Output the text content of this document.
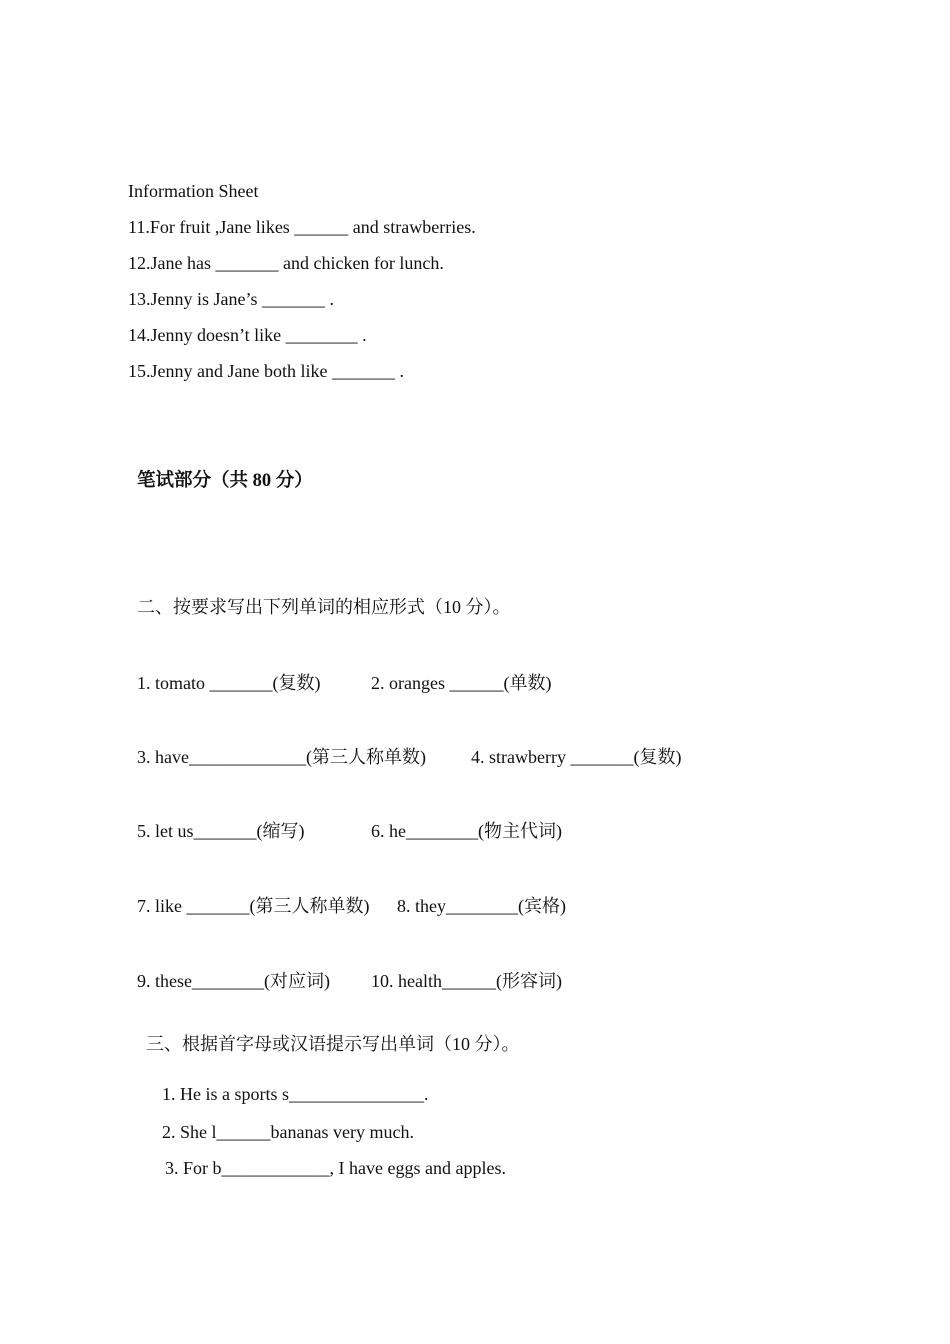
Information Sheet
11.For fruit ,Jane likes ______ and strawberries.
12.Jane has _______ and chicken for lunch.
13.Jenny is Jane’s _______ .
14.Jenny doesn’t like ________ .
15.Jenny and Jane both like _______ .
笔试部分（共 80 分）
二、按要求写出下列单词的相应形式（10 分）。
1. tomato _______(复数)	2. oranges ______(单数)
3. have_____________(第三人称单数)	4. strawberry _______(复数)
5. let us_______(缩写)	6. he________(物主代词)
7. like _______(第三人称单数) 8. they________(宾格)
9. these________(对应词) 10. health______(形容词)
三、根据首字母或汉语提示写出单词（10 分）。
1. He is a sports s_______________.
2. She l______bananas very much.
3. For b____________, I have eggs and apples.
